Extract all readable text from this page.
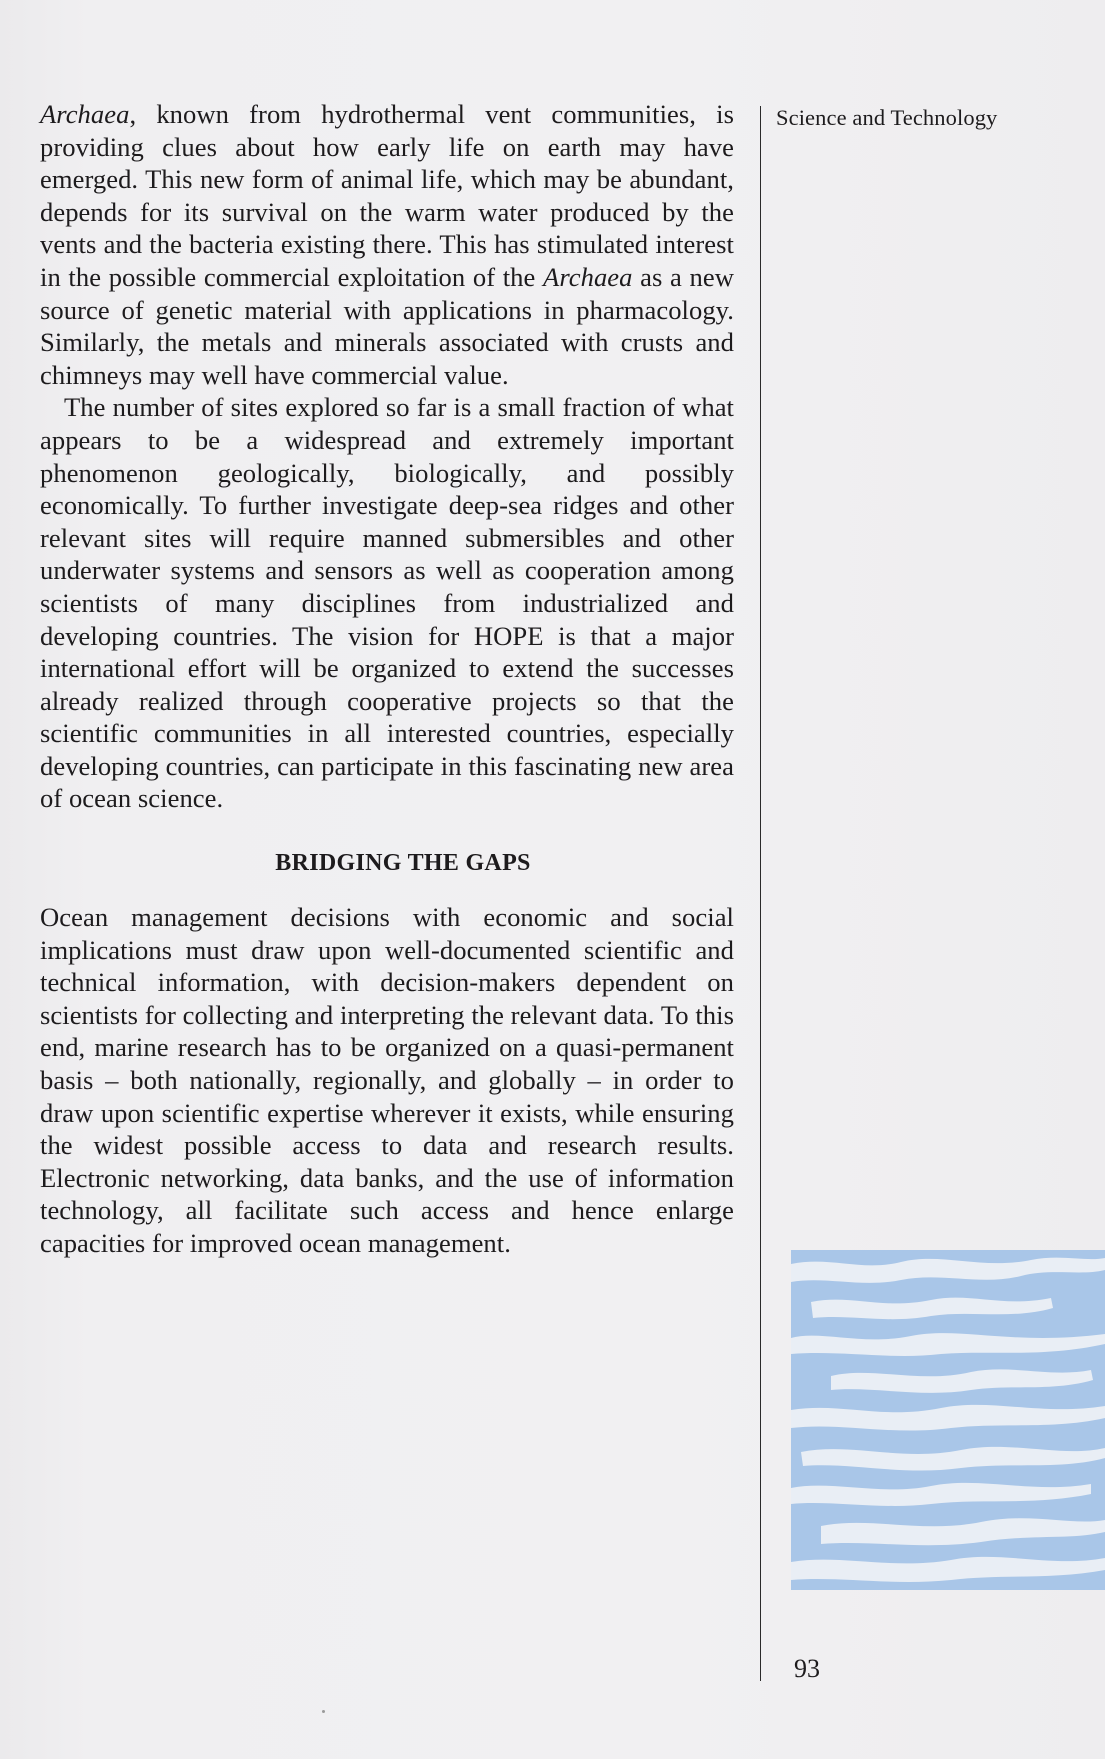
Archaea, known from hydrothermal vent communities, is providing clues about how early life on earth may have emerged. This new form of animal life, which may be abundant, depends for its survival on the warm water produced by the vents and the bacteria existing there. This has stimulated interest in the possible commercial exploitation of the Archaea as a new source of genetic material with applications in pharmacology. Similarly, the metals and minerals associated with crusts and chimneys may well have commercial value.

The number of sites explored so far is a small fraction of what appears to be a widespread and extremely important phenomenon geologically, biologically, and possibly economically. To further investigate deep-sea ridges and other relevant sites will require manned submersibles and other underwater systems and sensors as well as cooperation among scientists of many disciplines from industrialized and developing countries. The vision for HOPE is that a major international effort will be organized to extend the successes already realized through cooperative projects so that the scientific communities in all interested countries, especially developing countries, can participate in this fascinating new area of ocean science.

BRIDGING THE GAPS

Ocean management decisions with economic and social implications must draw upon well-documented scientific and technical information, with decision-makers dependent on scientists for collecting and interpreting the relevant data. To this end, marine research has to be organized on a quasi-permanent basis – both nationally, regionally, and globally – in order to draw upon scientific expertise wherever it exists, while ensuring the widest possible access to data and research results. Electronic networking, data banks, and the use of information technology, all facilitate such access and hence enlarge capacities for improved ocean management.

Science and Technology
93
